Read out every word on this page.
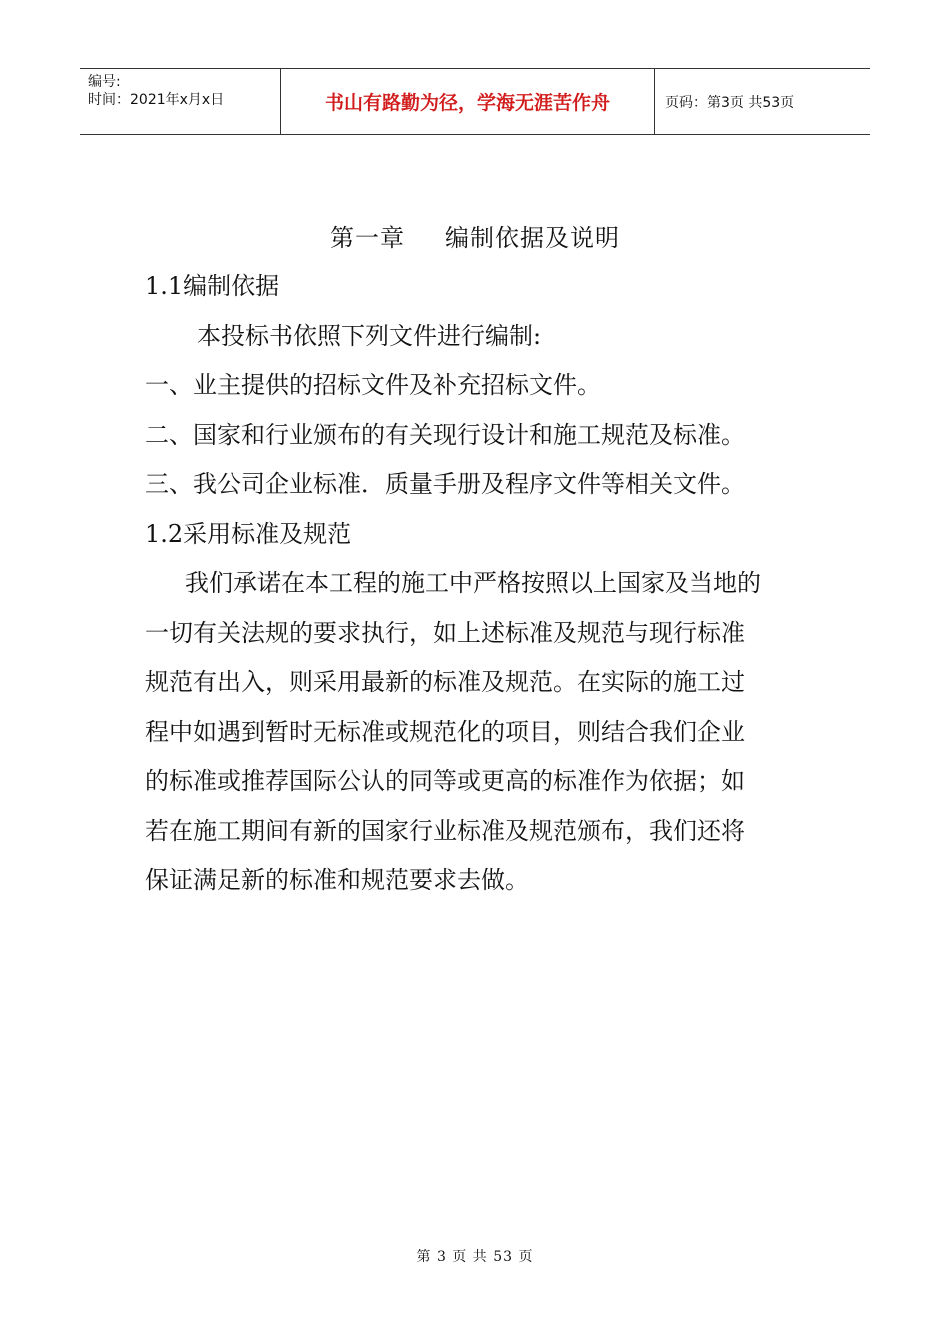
编号:
时间：2021年x月x日	书山有路勤为径，学海无涯苦作舟	页码：第3页 共53页
第一章 编制依据及说明
1.1编制依据
本投标书依照下列文件进行编制:
一、业主提供的招标文件及补充招标文件。
二、国家和行业颁布的有关现行设计和施工规范及标准。
三、我公司企业标准．质量手册及程序文件等相关文件。
1.2采用标准及规范

我们承诺在本工程的施工中严格按照以上国家及当地的

一切有关法规的要求执行，如上述标准及规范与现行标准

规范有出入，则采用最新的标准及规范。在实际的施工过

程中如遇到暂时无标准或规范化的项目，则结合我们企业

的标准或推荐国际公认的同等或更高的标准作为依据；如

若在施工期间有新的国家行业标准及规范颁布，我们还将

保证满足新的标准和规范要求去做。

第 3 页 共 53 页
